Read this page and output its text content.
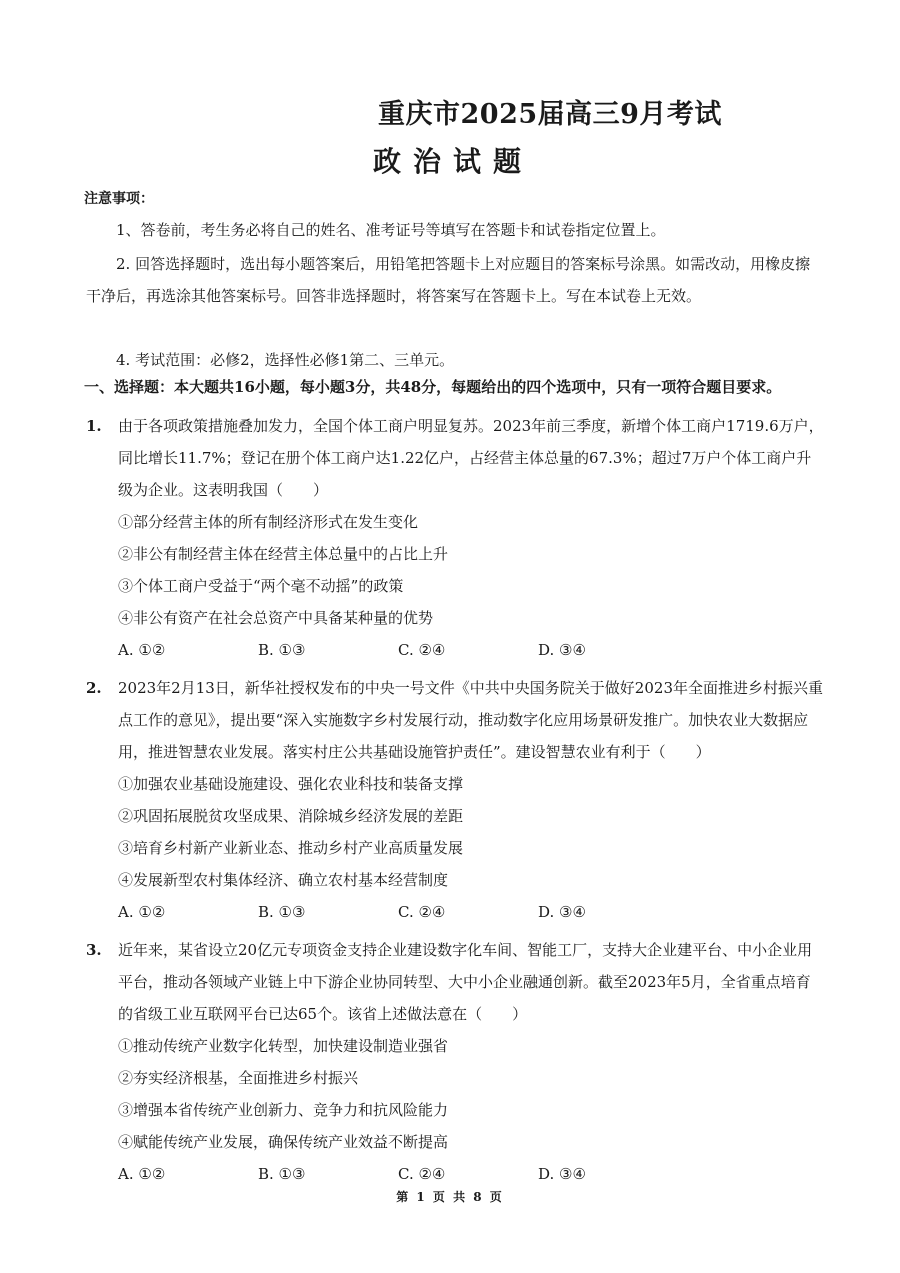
重庆市2025届高三9月考试
政治试题
注意事项：
1、答卷前，考生务必将自己的姓名、准考证号等填写在答题卡和试卷指定位置上。
2. 回答选择题时，选出每小题答案后，用铅笔把答题卡上对应题目的答案标号涂黑。如需改动，用橡皮擦干净后，再选涂其他答案标号。回答非选择题时，将答案写在答题卡上。写在本试卷上无效。
4. 考试范围：必修2，选择性必修1第二、三单元。
一、选择题：本大题共16小题，每小题3分，共48分，每题给出的四个选项中，只有一项符合题目要求。
1. 由于各项政策措施叠加发力，全国个体工商户明显复苏。2023年前三季度，新增个体工商户1719.6万户，同比增长11.7%；登记在册个体工商户达1.22亿户，占经营主体总量的67.3%；超过7万户个体工商户升级为企业。这表明我国（　　）
①部分经营主体的所有制经济形式在发生变化
②非公有制经营主体在经营主体总量中的占比上升
③个体工商户受益于“两个毫不动摇”的政策
④非公有资产在社会总资产中具备某种量的优势
A. ①②	B. ①③	C. ②④	D. ③④
2. 2023年2月13日，新华社授权发布的中央一号文件《中共中央国务院关于做好2023年全面推进乡村振兴重点工作的意见》，提出要“深入实施数字乡村发展行动，推动数字化应用场景研发推广。加快农业大数据应用，推进智慧农业发展。落实村庄公共基础设施管护责任”。建设智慧农业有利于（　　）
①加强农业基础设施建设、强化农业科技和装备支撑
②巩固拓展脱贫攻坚成果、消除城乡经济发展的差距
③培育乡村新产业新业态、推动乡村产业高质量发展
④发展新型农村集体经济、确立农村基本经营制度
A. ①②	B. ①③	C. ②④	D. ③④
3. 近年来，某省设立20亿元专项资金支持企业建设数字化车间、智能工厂，支持大企业建平台、中小企业用平台，推动各领域产业链上中下游企业协同转型、大中小企业融通创新。截至2023年5月，全省重点培育的省级工业互联网平台已达65个。该省上述做法意在（　　）
①推动传统产业数字化转型，加快建设制造业强省
②夯实经济根基，全面推进乡村振兴
③增强本省传统产业创新力、竞争力和抗风险能力
④赋能传统产业发展，确保传统产业效益不断提高
A. ①②	B. ①③	C. ②④	D. ③④
第 1 页 共 8 页
